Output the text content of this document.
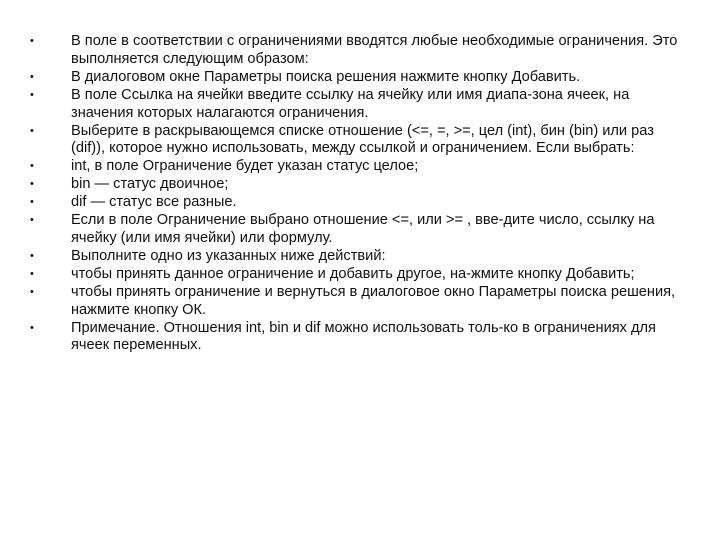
•	В поле в соответствии с ограничениями вводятся любые необходимые ограничения. Это выполняется следующим образом:
•	В диалоговом окне Параметры поиска решения нажмите кнопку Добавить.
•	В поле Ссылка на ячейки введите ссылку на ячейку или имя диапа-зона ячеек, на значения которых налагаются ограничения.
•	Выберите в раскрывающемся списке отношение (<=, =, >=, цел (int), бин (bin) или раз (dif)), которое нужно использовать, между ссылкой и ограничением. Если выбрать:
•	int, в поле Ограничение будет указан статус целое;
•	bin — статус двоичное;
•	dif — статус все разные.
•	Если в поле Ограничение выбрано отношение <=, или >= , вве-дите число, ссылку на ячейку (или имя ячейки) или формулу.
•	Выполните одно из указанных ниже действий:
•	чтобы принять данное ограничение и добавить другое, на-жмите кнопку Добавить;
•	чтобы принять ограничение и вернуться в диалоговое окно Параметры поиска решения, нажмите кнопку ОК.
•	Примечание. Отношения int, bin и dif можно использовать толь-ко в ограничениях для ячеек переменных.
